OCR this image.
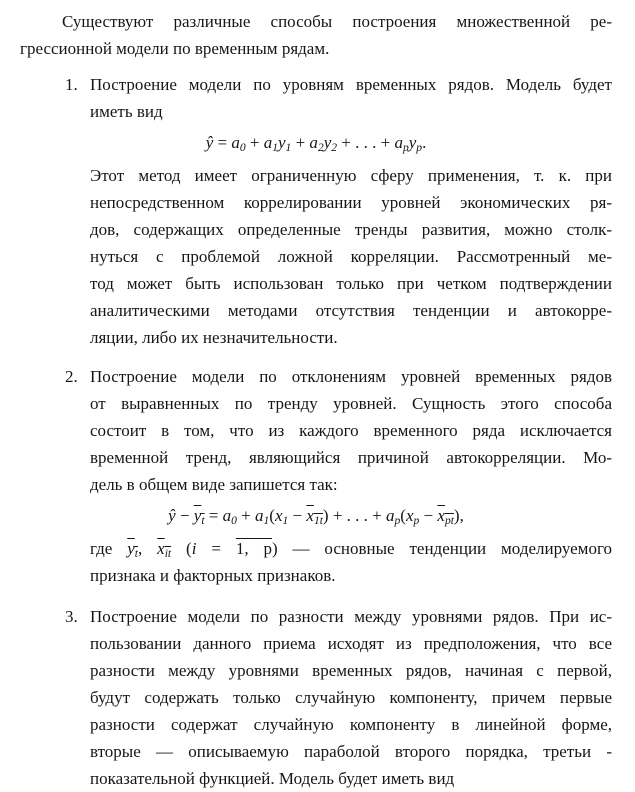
Существуют различные способы построения множественной ре-
грессионной модели по временным рядам.
1. Построение модели по уровням временных рядов. Модель будет
иметь вид
ŷ = $a_0 + a_1y_1 + a_2y_2$ + . . . + $a_py_p$.
Этот метод имеет ограниченную сферу применения, т. к. при
непосредственном коррелировании уровней экономических ря-
дов, содержащих определенные тренды развития, можно столк-
нуться с проблемой ложной корреляции. Рассмотренный ме-
тод может быть использован только при четком подтверждении
аналитическими методами отсутствия тенденции и автокорре-
ляции, либо их незначительности.
2. Построение модели по отклонениям уровней временных рядов
от выравненных по тренду уровней. Сущность этого способа
состоит в том, что из каждого временного ряда исключается
временной тренд, являющийся причиной автокорреляции. Мо-
дель в общем виде запишется так:
ŷ − $y_t = a_0 + a_1(x_1 - x_{1t})$ + . . . + $a_p(x_p - x_{pt})$,
где $y_t$, $x_{it}$ (i = 1, p) — основные тенденции моделируемого
признака и факторных признаков.
3. Построение модели по разности между уровнями рядов. При ис-
пользовании данного приема исходят из предположения, что все
разности между уровнями временных рядов, начиная с первой,
будут содержать только случайную компоненту, причем первые
разности содержат случайную компоненту в линейной форме,
вторые — описываемую параболой второго порядка, третьи -
показательной функцией. Модель будет иметь вид
